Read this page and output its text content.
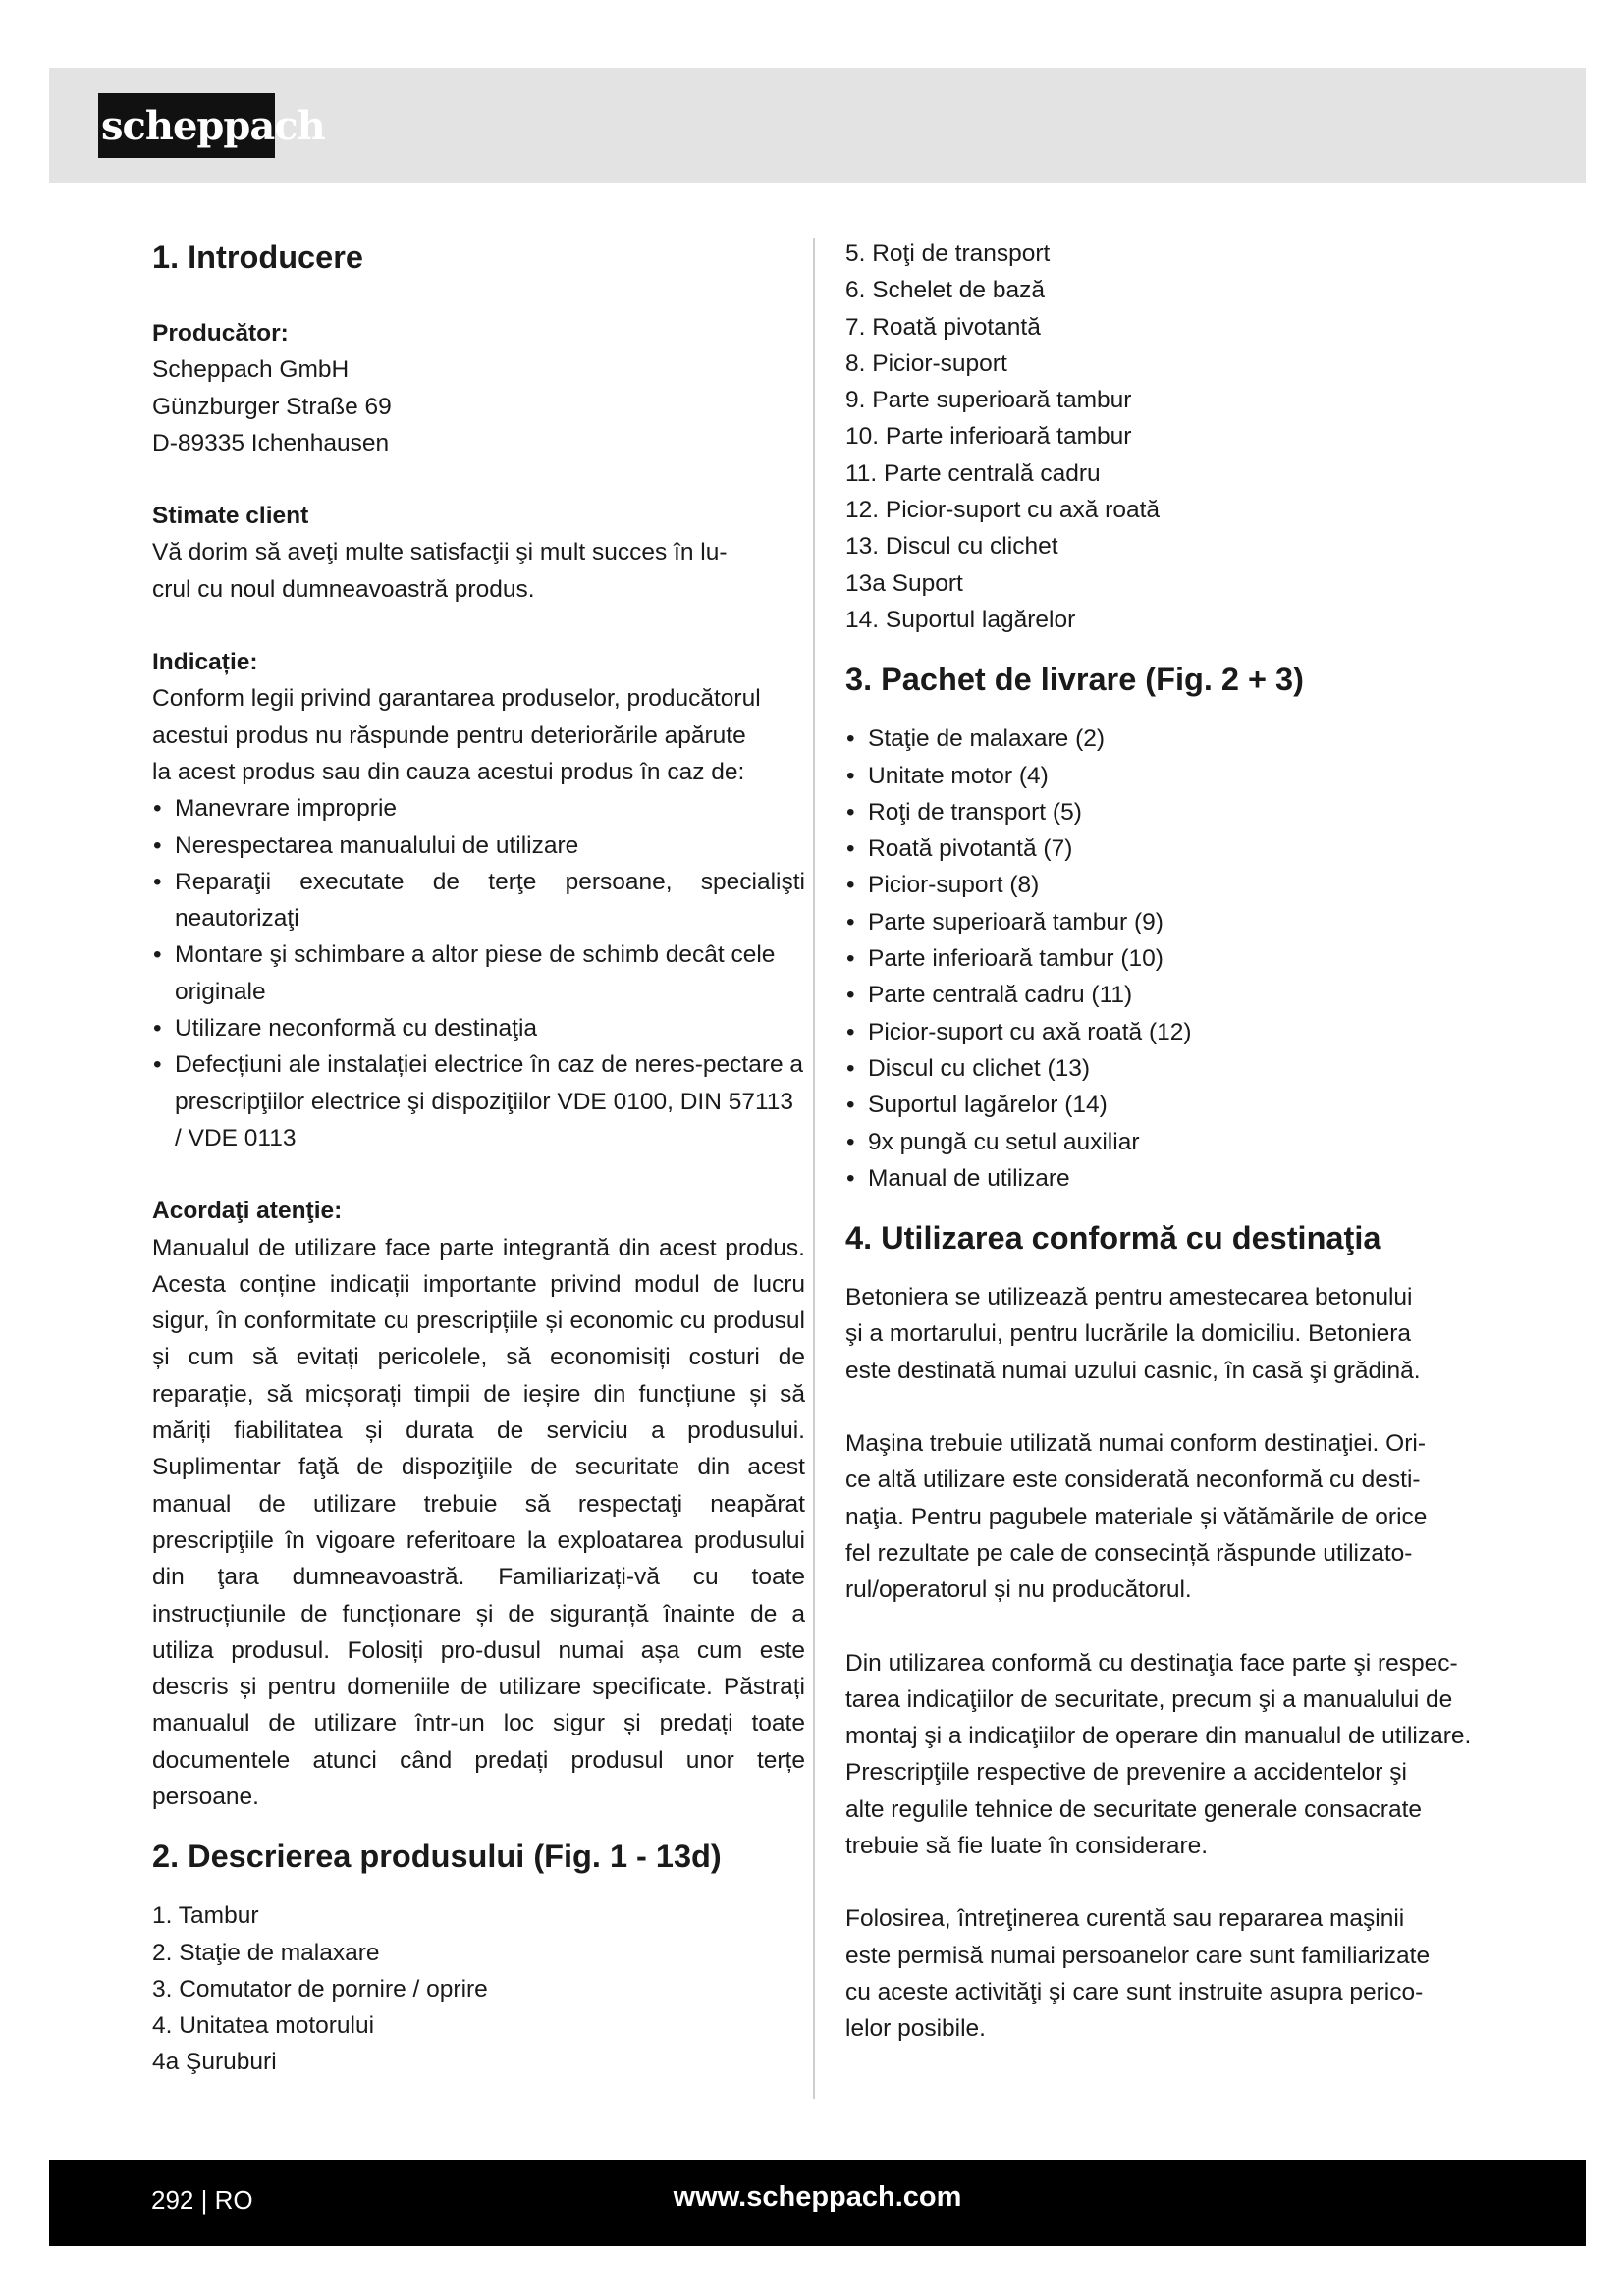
scheppach
1. Introducere

Producător:

Scheppach GmbH

Günzburger Straße 69

D-89335 Ichenhausen

Stimate client

Vă dorim să aveţi multe satisfacţii şi mult succes în lu-

crul cu noul dumneavoastră produs.

Indicație:

Conform legii privind garantarea produselor, producătorul

acestui produs nu răspunde pentru deteriorările apărute

la acest produs sau din cauza acestui produs în caz de:

• Manevrare improprie
• Nerespectarea manualului de utilizare
• Reparaţii executate de terţe persoane, specialişti neautorizaţi
• Montare şi schimbare a altor piese de schimb decât cele originale
• Utilizare neconformă cu destinaţia
• Defecțiuni ale instalației electrice în caz de neres-pectare a prescripţiilor electrice şi dispoziţiilor VDE 0100, DIN 57113 / VDE 0113

Acordaţi atenţie:

Manualul de utilizare face parte integrantă din acest produs. Acesta conține indicații importante privind modul de lucru sigur, în conformitate cu prescripțiile și economic cu produsul și cum să evitați pericolele, să economisiți costuri de reparație, să micșorați timpii de ieșire din funcțiune și să măriți fiabilitatea și durata de serviciu a produsului. Suplimentar faţă de dispoziţiile de securitate din acest manual de utilizare trebuie să respectaţi neapărat prescripţiile în vigoare referitoare la exploatarea produsului din ţara dumneavoastră. Familiarizați-vă cu toate instrucțiunile de funcționare și de siguranță înainte de a utiliza produsul. Folosiți pro-dusul numai așa cum este descris și pentru domeniile de utilizare specificate. Păstrați manualul de utilizare într-un loc sigur și predați toate documentele atunci când predați produsul unor terțe persoane.

2. Descrierea produsului (Fig. 1 - 13d)
1. Tambur
2. Staţie de malaxare
3. Comutator de pornire / oprire
4. Unitatea motorului
4a Şuruburi
5. Roţi de transport
6. Schelet de bază
7. Roată pivotantă
8. Picior-suport
9. Parte superioară tambur
10. Parte inferioară tambur
11. Parte centrală cadru
12. Picior-suport cu axă roată
13. Discul cu clichet
13a Suport
14. Suportul lagărelor
3. Pachet de livrare (Fig. 2 + 3)
• Staţie de malaxare (2)
• Unitate motor (4)
• Roţi de transport (5)
• Roată pivotantă (7)
• Picior-suport (8)
• Parte superioară tambur (9)
• Parte inferioară tambur (10)
• Parte centrală cadru (11)
• Picior-suport cu axă roată (12)
• Discul cu clichet (13)
• Suportul lagărelor (14)
• 9x pungă cu setul auxiliar
• Manual de utilizare
4. Utilizarea conformă cu destinaţia

Betoniera se utilizează pentru amestecarea betonului

şi a mortarului, pentru lucrările la domiciliu. Betoniera

este destinată numai uzului casnic, în casă şi grădină.

Maşina trebuie utilizată numai conform destinaţiei. Ori-

ce altă utilizare este considerată neconformă cu desti-

naţia. Pentru pagubele materiale și vătămările de orice

fel rezultate pe cale de consecință răspunde utilizato-

rul/operatorul și nu producătorul.

Din utilizarea conformă cu destinaţia face parte şi respec-

tarea indicaţiilor de securitate, precum şi a manualului de

montaj şi a indicaţiilor de operare din manualul de utilizare.

Prescripţiile respective de prevenire a accidentelor şi

alte regulile tehnice de securitate generale consacrate

trebuie să fie luate în considerare.

Folosirea, întreţinerea curentă sau repararea maşinii

este permisă numai persoanelor care sunt familiarizate

cu aceste activităţi şi care sunt instruite asupra perico-

lelor posibile.

292 | RO	www.scheppach.com
